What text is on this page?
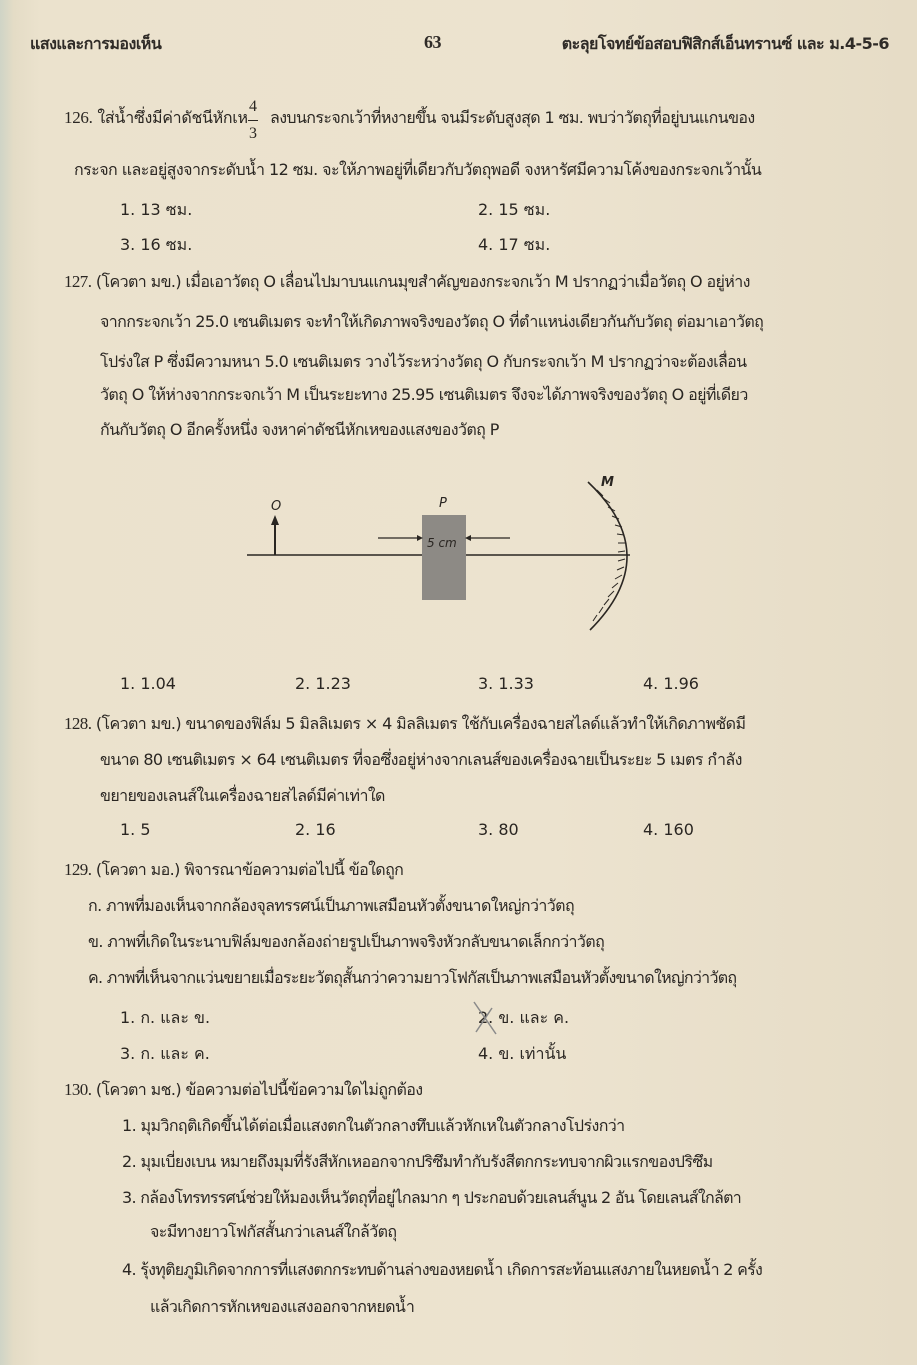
แสงและการมองเห็น	63	ตะลุยโจทย์ข้อสอบฟิสิกส์เอ็นทรานซ์ และ ม.4-5-6
126. ใส่น้ำซึ่งมีค่าดัชนีหักเห
4
3
ลงบนกระจกเว้าที่หงายขึ้น จนมีระดับสูงสุด 1 ซม. พบว่าวัตถุที่อยู่บนแกนของ
กระจก และอยู่สูงจากระดับน้ำ 12 ซม. จะให้ภาพอยู่ที่เดียวกับวัตถุพอดี จงหารัศมีความโค้งของกระจกเว้านั้น
1. 13 ซม.	2. 15 ซม.
3. 16 ซม.	4. 17 ซม.
127. (โควตา มข.) เมื่อเอาวัตถุ O เลื่อนไปมาบนแกนมุขสำคัญของกระจกเว้า M ปรากฏว่าเมื่อวัตถุ O อยู่ห่าง
จากกระจกเว้า 25.0 เซนติเมตร จะทำให้เกิดภาพจริงของวัตถุ O ที่ตำแหน่งเดียวกันกับวัตถุ ต่อมาเอาวัตถุ
โปร่งใส P ซึ่งมีความหนา 5.0 เซนติเมตร วางไว้ระหว่างวัตถุ O กับกระจกเว้า M ปรากฏว่าจะต้องเลื่อน
วัตถุ O ให้ห่างจากกระจกเว้า M เป็นระยะทาง 25.95 เซนติเมตร จึงจะได้ภาพจริงของวัตถุ O อยู่ที่เดียว
กันกับวัตถุ O อีกครั้งหนึ่ง จงหาค่าดัชนีหักเหของแสงของวัตถุ P
O	P
5 cm
M
1. 1.04	2. 1.23	3. 1.33	4. 1.96
128. (โควตา มข.) ขนาดของฟิล์ม 5 มิลลิเมตร × 4 มิลลิเมตร ใช้กับเครื่องฉายสไลด์แล้วทำให้เกิดภาพชัดมี
ขนาด 80 เซนติเมตร × 64 เซนติเมตร ที่จอซึ่งอยู่ห่างจากเลนส์ของเครื่องฉายเป็นระยะ 5 เมตร กำลัง
ขยายของเลนส์ในเครื่องฉายสไลด์มีค่าเท่าใด
1. 5	2. 16	3. 80	4. 160
129. (โควตา มอ.) พิจารณาข้อความต่อไปนี้ ข้อใดถูก
ก. ภาพที่มองเห็นจากกล้องจุลทรรศน์เป็นภาพเสมือนหัวตั้งขนาดใหญ่กว่าวัตถุ
ข. ภาพที่เกิดในระนาบฟิล์มของกล้องถ่ายรูปเป็นภาพจริงหัวกลับขนาดเล็กกว่าวัตถุ
ค. ภาพที่เห็นจากแว่นขยายเมื่อระยะวัตถุสั้นกว่าความยาวโฟกัสเป็นภาพเสมือนหัวตั้งขนาดใหญ่กว่าวัตถุ
1. ก. และ ข.	2. ข. และ ค.
3. ก. และ ค.	4. ข. เท่านั้น
130. (โควตา มช.) ข้อความต่อไปนี้ข้อความใดไม่ถูกต้อง
1. มุมวิกฤติเกิดขึ้นได้ต่อเมื่อแสงตกในตัวกลางทึบแล้วหักเหในตัวกลางโปร่งกว่า
2. มุมเบี่ยงเบน หมายถึงมุมที่รังสีหักเหออกจากปริซึมทำกับรังสีตกกระทบจากผิวแรกของปริซึม
3. กล้องโทรทรรศน์ช่วยให้มองเห็นวัตถุที่อยู่ไกลมาก ๆ ประกอบด้วยเลนส์นูน 2 อัน โดยเลนส์ใกล้ตา
จะมีทางยาวโฟกัสสั้นกว่าเลนส์ใกล้วัตถุ
4. รุ้งทุติยภูมิเกิดจากการที่แสงตกกระทบด้านล่างของหยดน้ำ เกิดการสะท้อนแสงภายในหยดน้ำ 2 ครั้ง
แล้วเกิดการหักเหของแสงออกจากหยดน้ำ
